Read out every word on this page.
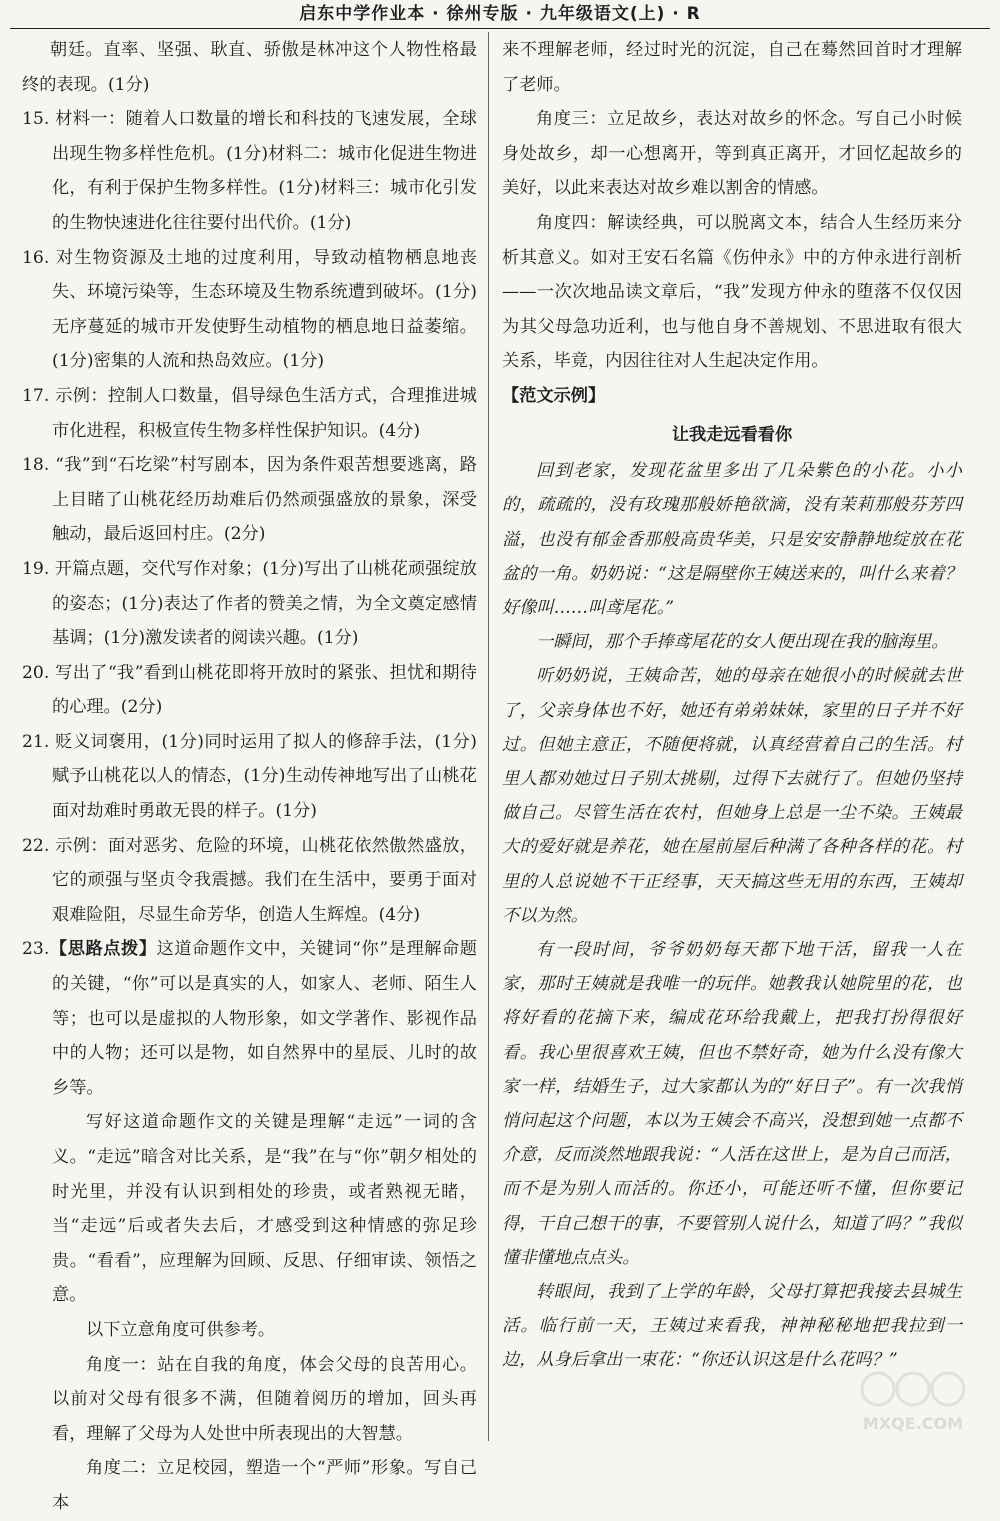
启东中学作业本 · 徐州专版 · 九年级语文(上) · R

朝廷。直率、坚强、耿直、骄傲是林冲这个人物性格最终的表现。(1分)

15. 材料一：随着人口数量的增长和科技的飞速发展，全球出现生物多样性危机。(1分)材料二：城市化促进生物进化，有利于保护生物多样性。(1分)材料三：城市化引发的生物快速进化往往要付出代价。(1分)

16. 对生物资源及土地的过度利用，导致动植物栖息地丧失、环境污染等，生态环境及生物系统遭到破坏。(1分)无序蔓延的城市开发使野生动植物的栖息地日益萎缩。(1分)密集的人流和热岛效应。(1分)

17. 示例：控制人口数量，倡导绿色生活方式，合理推进城市化进程，积极宣传生物多样性保护知识。(4分)

18. “我”到“石圪梁”村写剧本，因为条件艰苦想要逃离，路上目睹了山桃花经历劫难后仍然顽强盛放的景象，深受触动，最后返回村庄。(2分)

19. 开篇点题，交代写作对象；(1分)写出了山桃花顽强绽放的姿态；(1分)表达了作者的赞美之情，为全文奠定感情基调；(1分)激发读者的阅读兴趣。(1分)

20. 写出了“我”看到山桃花即将开放时的紧张、担忧和期待的心理。(2分)

21. 贬义词褒用，(1分)同时运用了拟人的修辞手法，(1分)赋予山桃花以人的情态，(1分)生动传神地写出了山桃花面对劫难时勇敢无畏的样子。(1分)

22. 示例：面对恶劣、危险的环境，山桃花依然傲然盛放，它的顽强与坚贞令我震撼。我们在生活中，要勇于面对艰难险阻，尽显生命芳华，创造人生辉煌。(4分)

23.【思路点拨】这道命题作文中，关键词“你”是理解命题的关键，“你”可以是真实的人，如家人、老师、陌生人等；也可以是虚拟的人物形象，如文学著作、影视作品中的人物；还可以是物，如自然界中的星辰、儿时的故乡等。

写好这道命题作文的关键是理解“走远”一词的含义。“走远”暗含对比关系，是“我”在与“你”朝夕相处的时光里，并没有认识到相处的珍贵，或者熟视无睹，当“走远”后或者失去后，才感受到这种情感的弥足珍贵。“看看”，应理解为回顾、反思、仔细审读、领悟之意。

以下立意角度可供参考。

角度一：站在自我的角度，体会父母的良苦用心。以前对父母有很多不满，但随着阅历的增加，回头再看，理解了父母为人处世中所表现出的大智慧。

角度二：立足校园，塑造一个“严师”形象。写自己本

来不理解老师，经过时光的沉淀，自己在蓦然回首时才理解了老师。

角度三：立足故乡，表达对故乡的怀念。写自己小时候身处故乡，却一心想离开，等到真正离开，才回忆起故乡的美好，以此来表达对故乡难以割舍的情感。

角度四：解读经典，可以脱离文本，结合人生经历来分析其意义。如对王安石名篇《伤仲永》中的方仲永进行剖析——一次次地品读文章后，“我”发现方仲永的堕落不仅仅因为其父母急功近利，也与他自身不善规划、不思进取有很大关系，毕竟，内因往往对人生起决定作用。

【范文示例】

让我走远看看你

回到老家，发现花盆里多出了几朵紫色的小花。小小的，疏疏的，没有玫瑰那般娇艳欲滴，没有茉莉那般芬芳四溢，也没有郁金香那般高贵华美，只是安安静静地绽放在花盆的一角。奶奶说：“这是隔壁你王姨送来的，叫什么来着？好像叫……叫鸢尾花。”

一瞬间，那个手捧鸢尾花的女人便出现在我的脑海里。

听奶奶说，王姨命苦，她的母亲在她很小的时候就去世了，父亲身体也不好，她还有弟弟妹妹，家里的日子并不好过。但她主意正，不随便将就，认真经营着自己的生活。村里人都劝她过日子别太挑剔，过得下去就行了。但她仍坚持做自己。尽管生活在农村，但她身上总是一尘不染。王姨最大的爱好就是养花，她在屋前屋后种满了各种各样的花。村里的人总说她不干正经事，天天搞这些无用的东西，王姨却不以为然。

有一段时间，爷爷奶奶每天都下地干活，留我一人在家，那时王姨就是我唯一的玩伴。她教我认她院里的花，也将好看的花摘下来，编成花环给我戴上，把我打扮得很好看。我心里很喜欢王姨，但也不禁好奇，她为什么没有像大家一样，结婚生子，过大家都认为的“好日子”。有一次我悄悄问起这个问题，本以为王姨会不高兴，没想到她一点都不介意，反而淡然地跟我说：“人活在这世上，是为自己而活，而不是为别人而活的。你还小，可能还听不懂，但你要记得，干自己想干的事，不要管别人说什么，知道了吗？”我似懂非懂地点点头。

转眼间，我到了上学的年龄，父母打算把我接去县城生活。临行前一天，王姨过来看我，神神秘秘地把我拉到一边，从身后拿出一束花：“你还认识这是什么花吗？”

MXQE.COM
